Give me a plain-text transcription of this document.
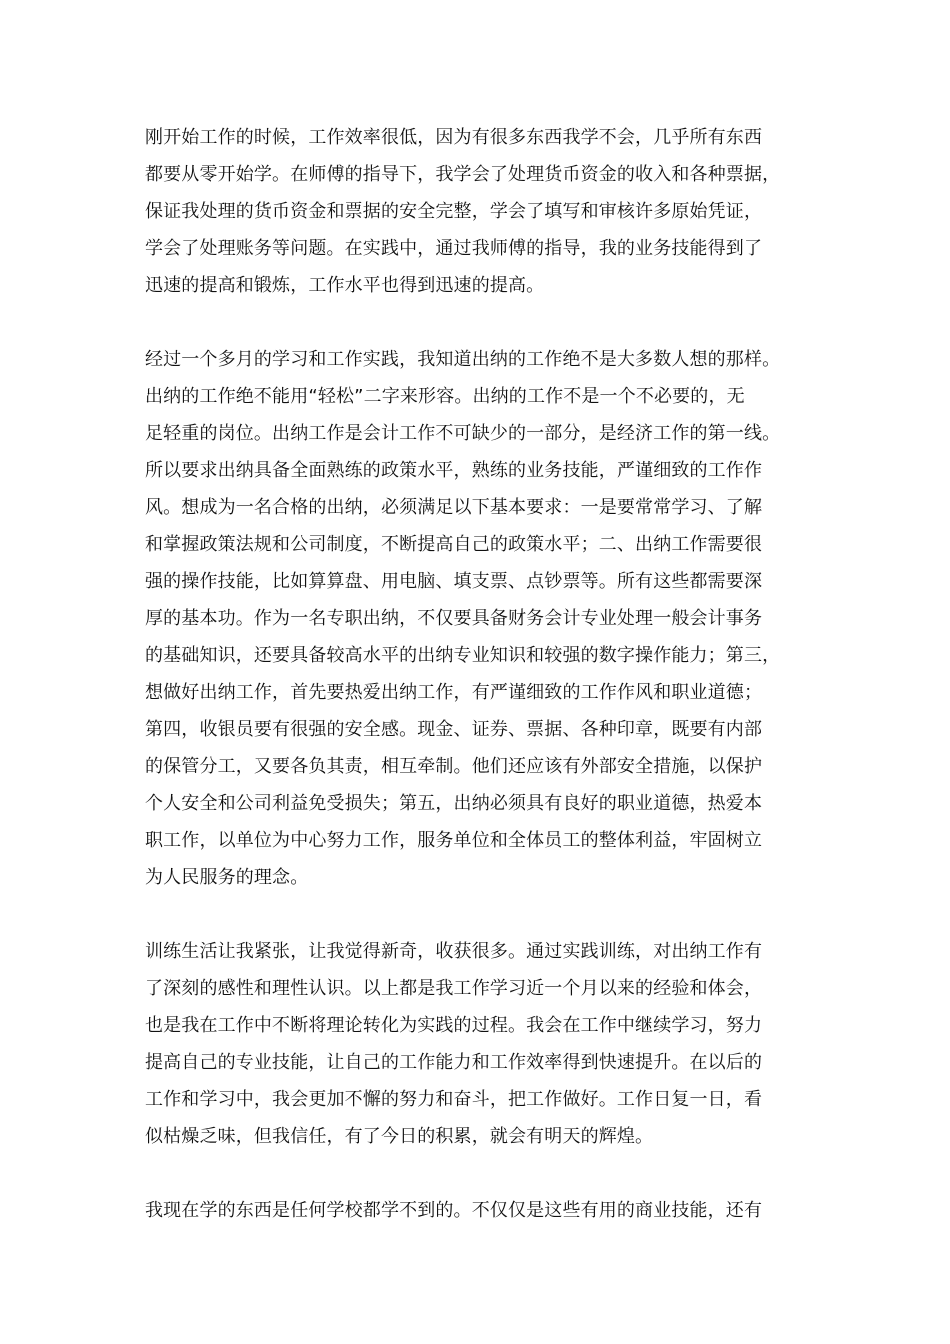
刚开始工作的时候，工作效率很低，因为有很多东西我学不会，几乎所有东西
都要从零开始学。在师傅的指导下，我学会了处理货币资金的收入和各种票据，
保证我处理的货币资金和票据的安全完整，学会了填写和审核许多原始凭证，
学会了处理账务等问题。在实践中，通过我师傅的指导，我的业务技能得到了
迅速的提高和锻炼，工作水平也得到迅速的提高。
经过一个多月的学习和工作实践，我知道出纳的工作绝不是大多数人想的那样。
出纳的工作绝不能用“轻松”二字来形容。出纳的工作不是一个不必要的，无
足轻重的岗位。出纳工作是会计工作不可缺少的一部分，是经济工作的第一线。
所以要求出纳具备全面熟练的政策水平，熟练的业务技能，严谨细致的工作作
风。想成为一名合格的出纳，必须满足以下基本要求：一是要常常学习、了解
和掌握政策法规和公司制度，不断提高自己的政策水平；二、出纳工作需要很
强的操作技能，比如算算盘、用电脑、填支票、点钞票等。所有这些都需要深
厚的基本功。作为一名专职出纳，不仅要具备财务会计专业处理一般会计事务
的基础知识，还要具备较高水平的出纳专业知识和较强的数字操作能力；第三，
想做好出纳工作，首先要热爱出纳工作，有严谨细致的工作作风和职业道德；
第四，收银员要有很强的安全感。现金、证券、票据、各种印章，既要有内部
的保管分工，又要各负其责，相互牵制。他们还应该有外部安全措施，以保护
个人安全和公司利益免受损失；第五，出纳必须具有良好的职业道德，热爱本
职工作，以单位为中心努力工作，服务单位和全体员工的整体利益，牢固树立
为人民服务的理念。
训练生活让我紧张，让我觉得新奇，收获很多。通过实践训练，对出纳工作有
了深刻的感性和理性认识。以上都是我工作学习近一个月以来的经验和体会，
也是我在工作中不断将理论转化为实践的过程。我会在工作中继续学习，努力
提高自己的专业技能，让自己的工作能力和工作效率得到快速提升。在以后的
工作和学习中，我会更加不懈的努力和奋斗，把工作做好。工作日复一日，看
似枯燥乏味，但我信任，有了今日的积累，就会有明天的辉煌。
我现在学的东西是任何学校都学不到的。不仅仅是这些有用的商业技能，还有
